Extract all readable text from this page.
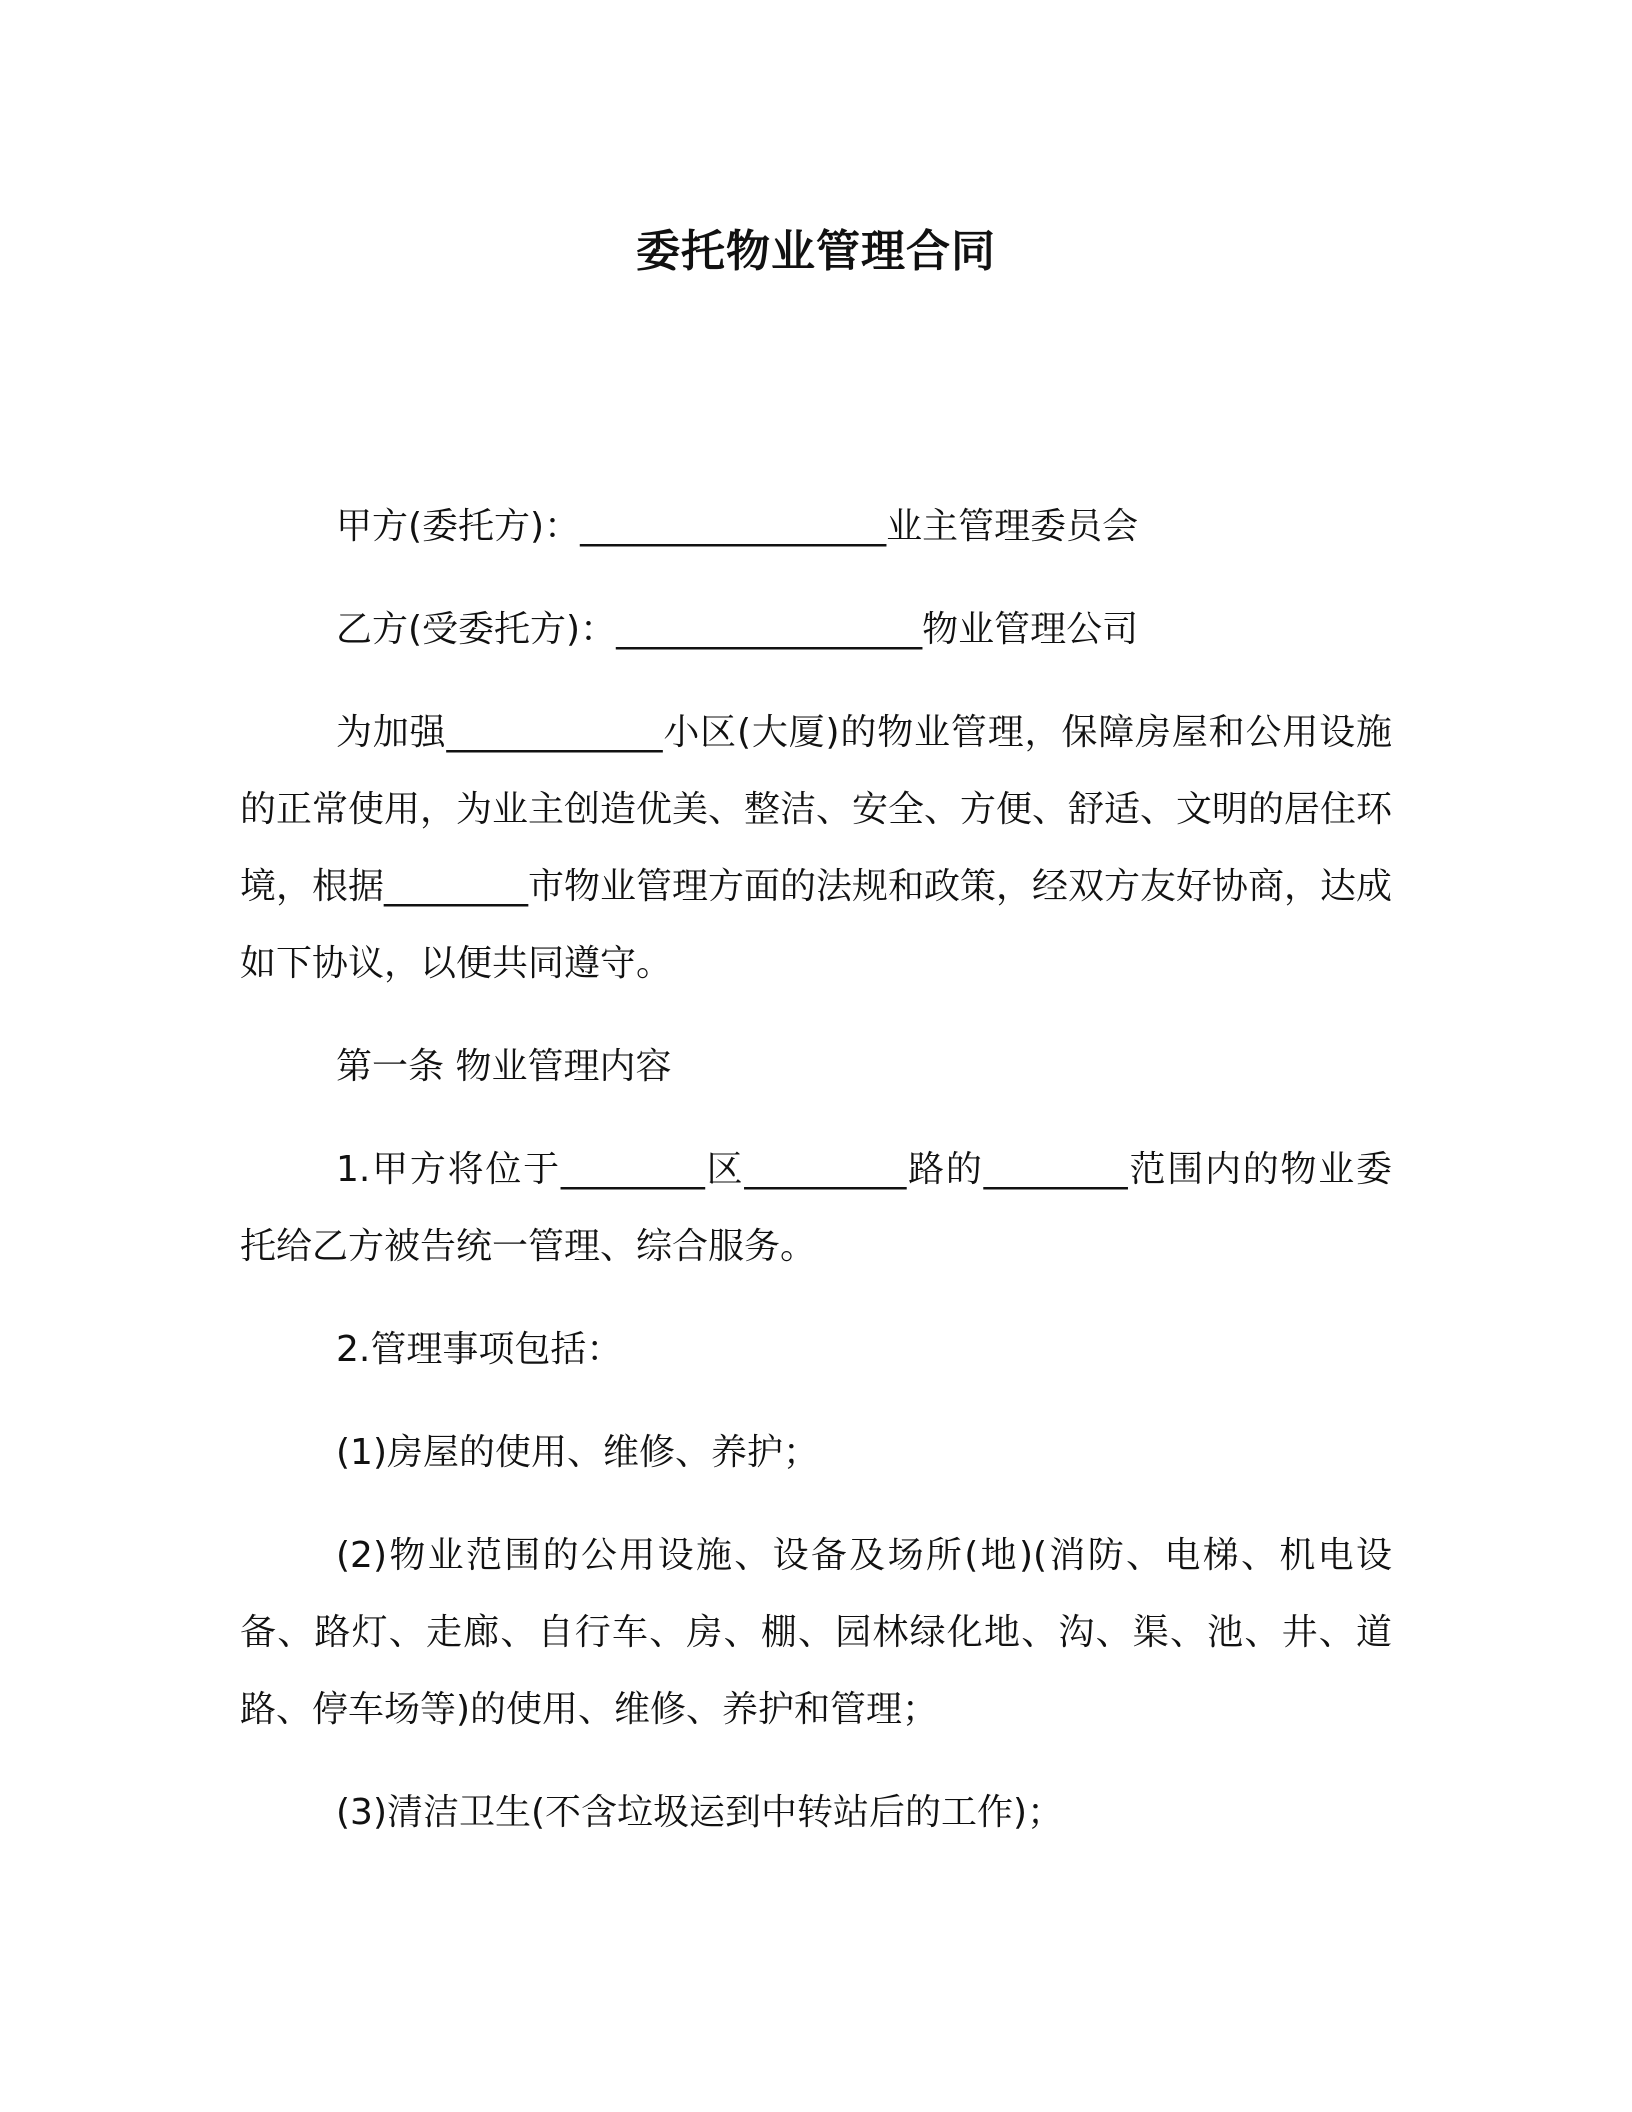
委托物业管理合同

甲方(委托方)：_________________业主管理委员会

乙方(受委托方)：_________________物业管理公司

为加强____________小区(大厦)的物业管理，保障房屋和公用设施的正常使用，为业主创造优美、整洁、安全、方便、舒适、文明的居住环境，根据________市物业管理方面的法规和政策，经双方友好协商，达成如下协议，以便共同遵守。

第一条 物业管理内容

1.甲方将位于________区_________路的________范围内的物业委托给乙方被告统一管理、综合服务。

2.管理事项包括：

(1)房屋的使用、维修、养护；

(2)物业范围的公用设施、设备及场所(地)(消防、电梯、机电设备、路灯、走廊、自行车、房、棚、园林绿化地、沟、渠、池、井、道路、停车场等)的使用、维修、养护和管理；

(3)清洁卫生(不含垃圾运到中转站后的工作)；
